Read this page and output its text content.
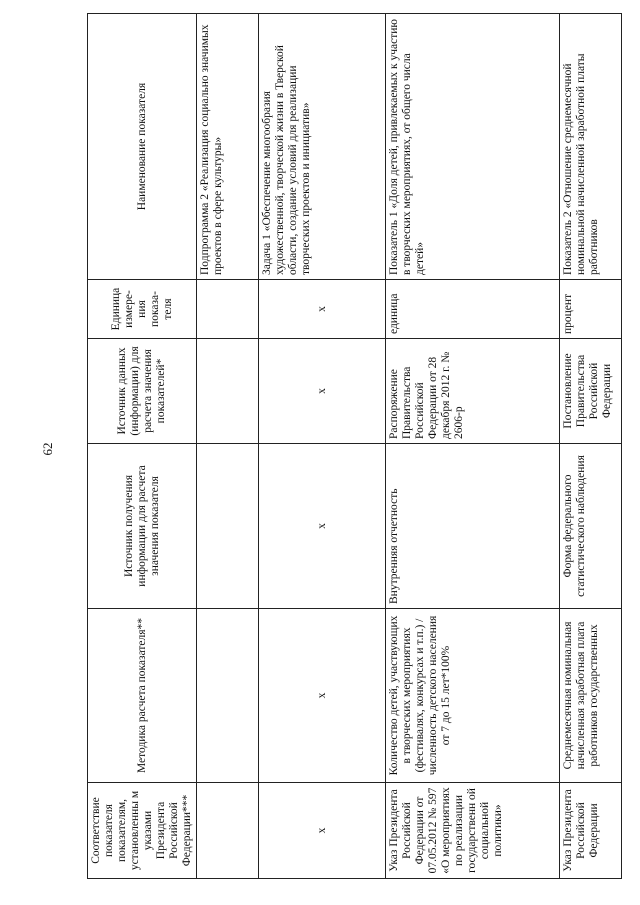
62
Соответствие показателя показателям, установленны м указами Президента Российской Федерации***	Методика расчета показателя**	Источник получения информации для расчета значения показателя	Источник данных (информации) для расчета значения показателей*	Единица измере-ния показа-теля	Наименование показателя
					Подпрограмма 2 «Реализация социально значимых проектов в сфере культуры»
х	х	х	х	х	Задача 1 «Обеспечение многообразия художественной, творческой жизни в Тверской области, создание условий для реализации творческих проектов и инициатив»
Указ Президента Российской Федерации от 07.05.2012 № 597 «О мероприятиях по реализации государственн ой социальной политики»	Количество детей, участвующих в творческих мероприятиях (фестивалях, конкурсах и т.п.) / численность детского населения от 7 до 15 лет*100%	Внутренняя отчетность	Распоряжение Правительства Российской Федерации от 28 декабря 2012 г. № 2606-р	единица	Показатель 1 «Доля детей, привлекаемых к участию в творческих мероприятиях, от общего числа детей»
Указ Президента Российской Федерации	Среднемесячная номинальная начисленная заработная плата работников государственных	Форма федерального статистического наблюдения	Постановление Правительства Российской Федерации	процент	Показатель 2 «Отношение среднемесячной номинальной начисленной заработной платы работников
